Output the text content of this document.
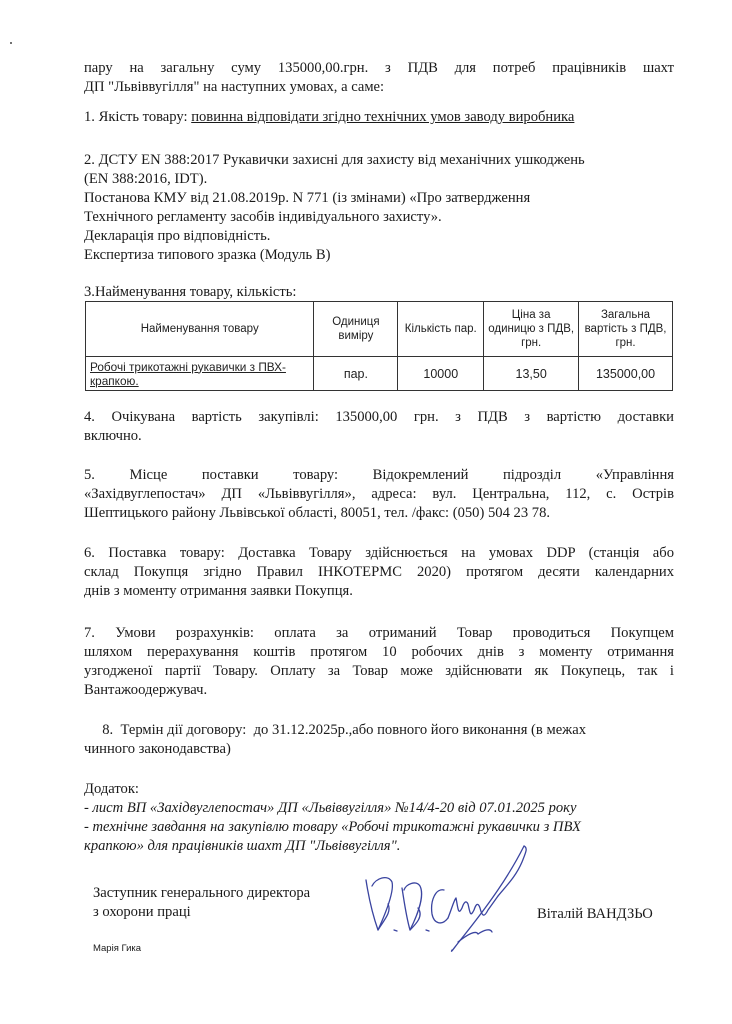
пару на загальну суму 135000,00.грн. з ПДВ для потреб працівників шахт
ДП "Львіввугілля" на наступних умовах, а саме:
1. Якість товару: повинна відповідати згідно технічних умов заводу виробника
2. ДСТУ EN 388:2017 Рукавички захисні для захисту від механічних ушкоджень
(EN 388:2016, IDT).
Постанова КМУ від 21.08.2019р. N 771 (із змінами) «Про затвердження
Технічного регламенту засобів індивідуального захисту».
Декларація про відповідність.
Експертиза типового зразка (Модуль В)
3.Найменування товару, кількість:
Найменування товару	Одиниця виміру	Кількість пар.	Ціна за одиницю з ПДВ, грн.	Загальна вартість з ПДВ, грн.
Робочі трикотажні рукавички з ПВХ- крапкою.	пар.	10000	13,50	135000,00
4. Очікувана вартість закупівлі: 135000,00 грн. з ПДВ з вартістю доставки
включно.
5. Місце поставки товару: Відокремлений підрозділ «Управління
«Західвуглепостач» ДП «Львіввугілля», адреса: вул. Центральна, 112, с. Острів
Шептицького району Львівської області, 80051, тел. /факс: (050) 504 23 78.
6. Поставка товару: Доставка Товару здійснюється на умовах DDP (станція або
склад Покупця згідно Правил ІНКОТЕРМС 2020) протягом десяти календарних
днів з моменту отримання заявки Покупця.
7. Умови розрахунків: оплата за отриманий Товар проводиться Покупцем
шляхом перерахування коштів протягом 10 робочих днів з моменту отримання
узгодженої партії Товару. Оплату за Товар може здійснювати як Покупець, так і
Вантажоодержувач.
8.  Термін дії договору:  до 31.12.2025р.,або повного його виконання (в межах
чинного законодавства)
Додаток:
- лист ВП «Західвуглепостач» ДП «Львіввугілля» №14/4-20 від 07.01.2025 року
- технічне завдання на закупівлю товару «Робочі трикотажні рукавички з ПВХ
крапкою» для працівників шахт ДП "Львіввугілля".
Заступник генерального директора
з охорони праці	Віталій ВАНДЗЬО
Марія Гика
